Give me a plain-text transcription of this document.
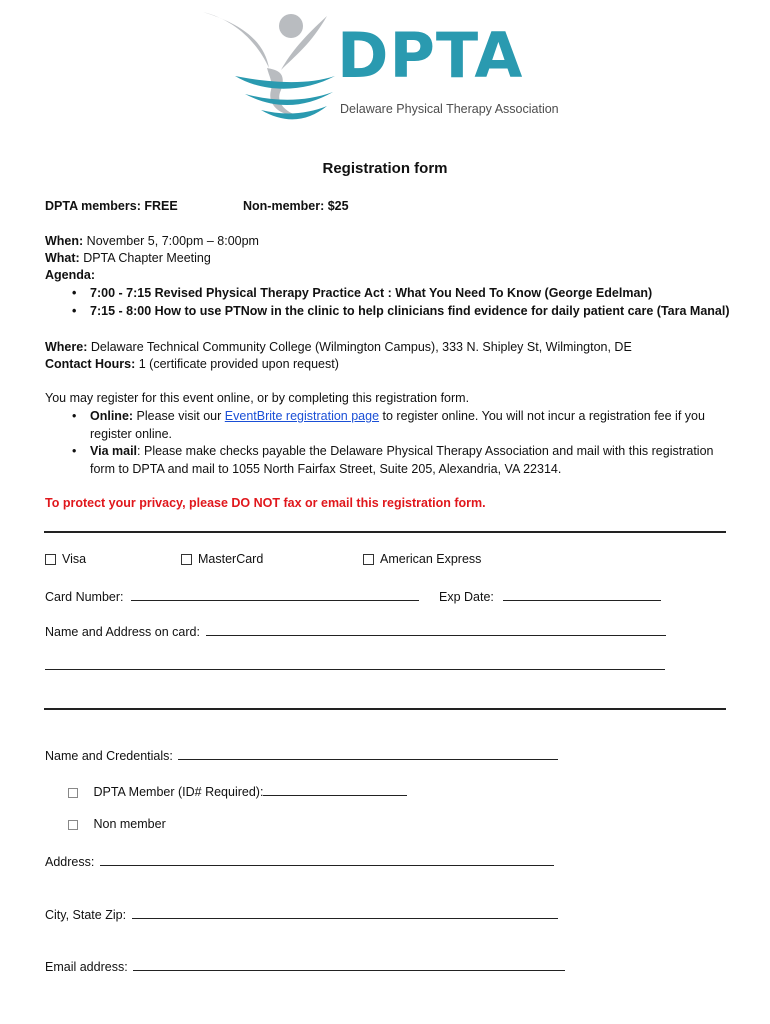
DPTA
Delaware Physical Therapy Association
Registration form
DPTA members: FREE	Non-member: $25
When: November 5, 7:00pm – 8:00pm
What: DPTA Chapter Meeting
Agenda:
• 7:00 - 7:15 Revised Physical Therapy Practice Act : What You Need To Know (George Edelman)
• 7:15 - 8:00 How to use PTNow in the clinic to help clinicians find evidence for daily patient care (Tara Manal)
Where: Delaware Technical Community College (Wilmington Campus), 333 N. Shipley St, Wilmington, DE
Contact Hours: 1 (certificate provided upon request)
You may register for this event online, or by completing this registration form.
• Online: Please visit our EventBrite registration page to register online. You will not incur a registration fee if you
register online.
• Via mail: Please make checks payable the Delaware Physical Therapy Association and mail with this registration
form to DPTA and mail to 1055 North Fairfax Street, Suite 205, Alexandria, VA 22314.
To protect your privacy, please DO NOT fax or email this registration form.
Visa	MasterCard	American Express
Card Number:	Exp Date:
Name and Address on card:
Name and Credentials:
DPTA Member (ID# Required):
Non member
Address:
City, State Zip:
Email address:
